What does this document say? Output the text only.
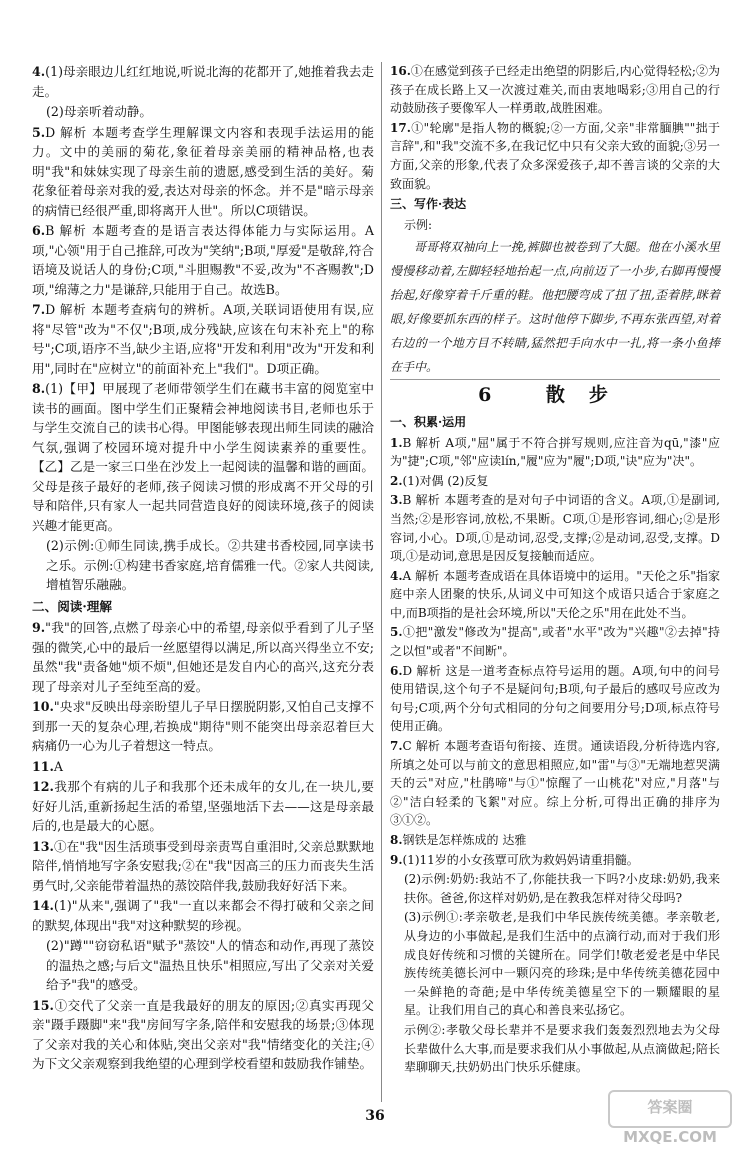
4.(1)母亲眼边儿红红地说,听说北海的花都开了,她推着我去走走。
(2)母亲听着动静。
5.D 解析 本题考查学生理解课文内容和表现手法运用的能力。文中的美丽的菊花,象征着母亲美丽的精神品格,也表明"我"和妹妹实现了母亲生前的遗愿,感受到生活的美好。菊花象征着母亲对我的爱,表达对母亲的怀念。并不是"暗示母亲的病情已经很严重,即将离开人世"。所以C项错误。
6.B 解析 本题考查的是语言表达得体能力与实际运用。A项,"心领"用于自己推辞,可改为"笑纳";B项,"厚爱"是敬辞,符合语境及说话人的身份;C项,"斗胆赐教"不妥,改为"不吝赐教";D项,"绵薄之力"是谦辞,只能用于自己。故选B。
7.D 解析 本题考查病句的辨析。A项,关联词语使用有误,应将"尽管"改为"不仅";B项,成分残缺,应该在句末补充上"的称号";C项,语序不当,缺少主语,应将"开发和利用"改为"开发和利用",同时在"应树立"的前面补充上"我们"。D项正确。
8.(1)【甲】甲展现了老师带领学生们在藏书丰富的阅览室中读书的画面。图中学生们正聚精会神地阅读书目,老师也乐于与学生交流自己的读书心得。甲图能够表现出师生同读的融洽气氛,强调了校园环境对提升中小学生阅读素养的重要性。【乙】乙是一家三口坐在沙发上一起阅读的温馨和谐的画面。父母是孩子最好的老师,孩子阅读习惯的形成离不开父母的引导和陪伴,只有家人一起共同营造良好的阅读环境,孩子的阅读兴趣才能更高。
(2)示例:①师生同读,携手成长。②共建书香校园,同享读书之乐。示例:①构建书香家庭,培育儒雅一代。②家人共阅读,增植智乐融融。
二、阅读·理解
9."我"的回答,点燃了母亲心中的希望,母亲似乎看到了儿子坚强的微笑,心中的最后一丝愿望得以满足,所以高兴得坐立不安;虽然"我"责备她"烦不烦",但她还是发自内心的高兴,这充分表现了母亲对儿子至纯至高的爱。
10."央求"反映出母亲盼望儿子早日摆脱阴影,又怕自己支撑不到那一天的复杂心理,若换成"期待"则不能突出母亲忍着巨大病痛仍一心为儿子着想这一特点。
11.A
12.我那个有病的儿子和我那个还未成年的女儿,在一块儿,要好好儿活,重新扬起生活的希望,坚强地活下去——这是母亲最后的,也是最大的心愿。
13.①在"我"因生活琐事受到母亲责骂自重泪时,父亲总默默地陪伴,悄悄地写字条安慰我;②在"我"因高三的压力而丧失生活勇气时,父亲能带着温热的蒸饺陪伴我,鼓励我好好活下来。
14.(1)"从来",强调了"我"一直以来都会不得打破和父亲之间的默契,体现出"我"对这种默契的珍视。
(2)"蹲""窃窃私语"赋予"蒸饺"人的情态和动作,再现了蒸饺的温热之感;与后文"温热且快乐"相照应,写出了父亲对关爱给予"我"的感受。
15.①交代了父亲一直是我最好的朋友的原因;②真实再现父亲"蹑手蹑脚"来"我"房间写字条,陪伴和安慰我的场景;③体现了父亲对我的关心和体贴,突出父亲对"我"情绪变化的关注;④为下文父亲观察到我绝望的心理到学校看望和鼓励我作铺垫。
16.①在感觉到孩子已经走出绝望的阴影后,内心觉得轻松;②为孩子在成长路上又一次渡过难关,而由衷地喝彩;③用自己的行动鼓励孩子要像军人一样勇敢,战胜困难。
17.①"轮廓"是指人物的概貌;②一方面,父亲"非常腼腆""拙于言辞",和"我"交流不多,在我记忆中只有父亲大致的面貌;③另一方面,父亲的形象,代表了众多深爱孩子,却不善言谈的父亲的大致面貌。
三、写作·表达
示例:
哥哥将双袖向上一挽,裤脚也被卷到了大腿。他在小溪水里慢慢移动着,左脚轻轻地抬起一点,向前迈了一小步,右脚再慢慢抬起,好像穿着千斤重的鞋。他把腰弯成了扭了扭,歪着脖,眯着眼,好像要抓东西的样子。这时他停下脚步,不再东张西望,对着右边的一个地方目不转睛,猛然把手向水中一扎,将一条小鱼捧在手中。
6 散步
一、积累·运用
1.B 解析 A项,"屈"属于不符合拼写规则,应注音为qū,"漆"应为"捷";C项,"邻"应读lín,"履"应为"履";D项,"诀"应为"决"。
2.(1)对偶 (2)反复
3.B 解析 本题考查的是对句子中词语的含义。A项,①是副词,当然;②是形容词,放松,不果断。C项,①是形容词,细心;②是形容词,小心。D项,①是动词,忍受,支撑;②是动词,忍受,支撑。D项,①是动词,意思是因反复接触而适应。
4.A 解析 本题考查成语在具体语境中的运用。"天伦之乐"指家庭中亲人团聚的快乐,从词义中可知这个成语只适合于家庭之中,而B项指的是社会环境,所以"天伦之乐"用在此处不当。
5.①把"激发"修改为"提高",或者"水平"改为"兴趣"②去掉"持之以恒"或者"不间断"。
6.D 解析 这是一道考查标点符号运用的题。A项,句中的问号使用错误,这个句子不是疑问句;B项,句子最后的感叹号应改为句号;C项,两个分句式相同的分句之间要用分号;D项,标点符号使用正确。
7.C 解析 本题考查语句衔接、连贯。通读语段,分析待选内容,所填之处可以与前文的意思相照应,如"雷"与③"无端地惹哭满天的云"对应,"杜鹃啼"与①"惊醒了一山桃花"对应,"月落"与②"洁白轻柔的飞絮"对应。综上分析,可得出正确的排序为③①②。
8.钢铁是怎样炼成的 达雅
9.(1)11岁的小女孩覃可欣为救妈妈请重捐髓。
(2)示例:奶奶:我站不了,你能扶我一下吗?小皮球:奶奶,我来扶你。爸爸,你这样对奶奶,是在教我怎样对待父母吗?
(3)示例①:孝亲敬老,是我们中华民族传统美德。孝亲敬老,从身边的小事做起,是我们生活中的点滴行动,而对于我们形成良好传统和习惯的关键所在。同学们!敬老爱老是中华民族传统美德长河中一颗闪亮的珍珠;是中华传统美德花园中一朵鲜艳的奇葩;是中华传统美德星空下的一颗耀眼的星星。让我们用自己的真心和善良来弘扬它。
示例②:孝敬父母长辈并不是要求我们轰轰烈烈地去为父母长辈做什么大事,而是要求我们从小事做起,从点滴做起;陪长辈聊聊天,扶奶奶出门快乐乐健康。
36	答案圈 MXQE.COM
